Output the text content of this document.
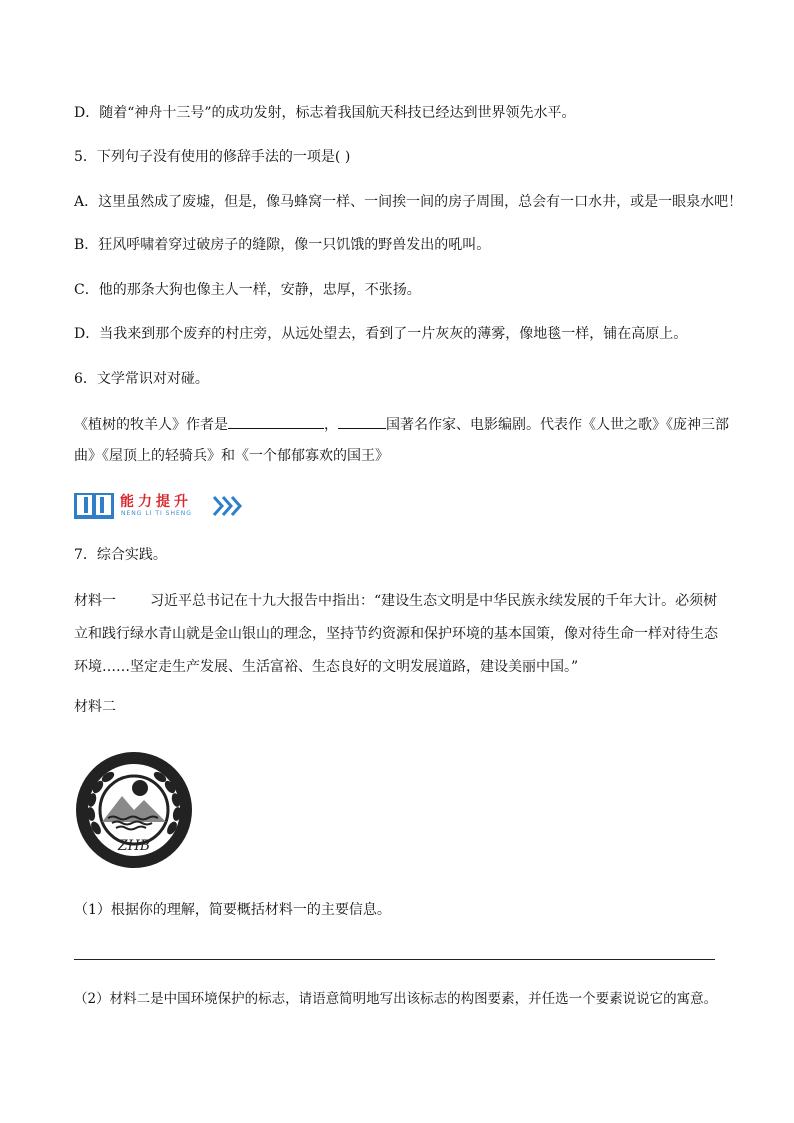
D．随着“神舟十三号”的成功发射，标志着我国航天科技已经达到世界领先水平。
5．下列句子没有使用的修辞手法的一项是( )
A．这里虽然成了废墟，但是，像马蜂窝一样、一间挨一间的房子周围，总会有一口水井，或是一眼泉水吧！
B．狂风呼啸着穿过破房子的缝隙，像一只饥饿的野兽发出的吼叫。
C．他的那条大狗也像主人一样，安静，忠厚，不张扬。
D．当我来到那个废弃的村庄旁，从远处望去，看到了一片灰灰的薄雾，像地毯一样，铺在高原上。
6．文学常识对对碰。
《植树的牧羊人》作者是	，	国著名作家、电影编剧。代表作《人世之歌》《庞神三部
曲》《屋顶上的轻骑兵》和《一个郁郁寡欢的国王》
能力提升
NENG LI TI SHENG
7．综合实践。
材料一 习近平总书记在十九大报告中指出：“建设生态文明是中华民族永续发展的千年大计。必须树立和践行绿水青山就是金山银山的理念，坚持节约资源和保护环境的基本国策，像对待生命一样对待生态环境……坚定走生产发展、生活富裕、生态良好的文明发展道路，建设美丽中国。”
材料二
ZHB
（1）根据你的理解，简要概括材料一的主要信息。
（2）材料二是中国环境保护的标志，请语意简明地写出该标志的构图要素，并任选一个要素说说它的寓意。
